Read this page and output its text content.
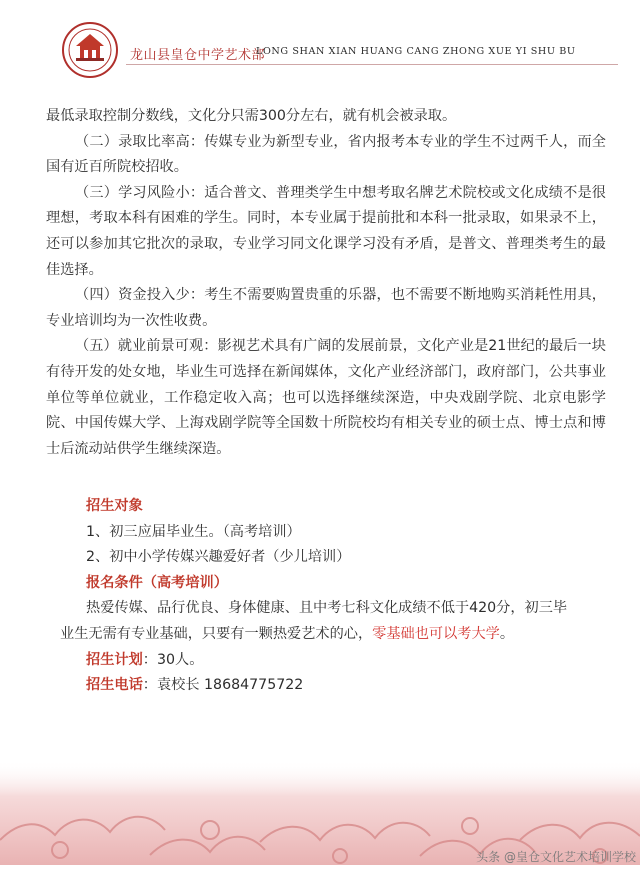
龙山县皇仓中学艺术部
LONG SHAN XIAN HUANG CANG ZHONG XUE YI SHU BU

最低录取控制分数线，文化分只需300分左右，就有机会被录取。

（二）录取比率高：传媒专业为新型专业，省内报考本专业的学生不过两千人，而全国有近百所院校招收。

（三）学习风险小：适合普文、普理类学生中想考取名牌艺术院校或文化成绩不是很理想，考取本科有困难的学生。同时，本专业属于提前批和本科一批录取，如果录不上，还可以参加其它批次的录取，专业学习同文化课学习没有矛盾，是普文、普理类考生的最佳选择。

（四）资金投入少：考生不需要购置贵重的乐器，也不需要不断地购买消耗性用具，专业培训均为一次性收费。

（五）就业前景可观：影视艺术具有广阔的发展前景，文化产业是21世纪的最后一块有待开发的处女地，毕业生可选择在新闻媒体，文化产业经济部门，政府部门，公共事业单位等单位就业，工作稳定收入高；也可以选择继续深造，中央戏剧学院、北京电影学院、中国传媒大学、上海戏剧学院等全国数十所院校均有相关专业的硕士点、博士点和博士后流动站供学生继续深造。

招生对象

1、初三应届毕业生。（高考培训）

2、初中小学传媒兴趣爱好者（少儿培训）

报名条件（高考培训）

热爱传媒、品行优良、身体健康、且中考七科文化成绩不低于420分，初三毕

业生无需有专业基础，只要有一颗热爱艺术的心，零基础也可以考大学。

招生计划：30人。

招生电话：袁校长 18684775722

头条 @皇仓文化艺术培训学校
